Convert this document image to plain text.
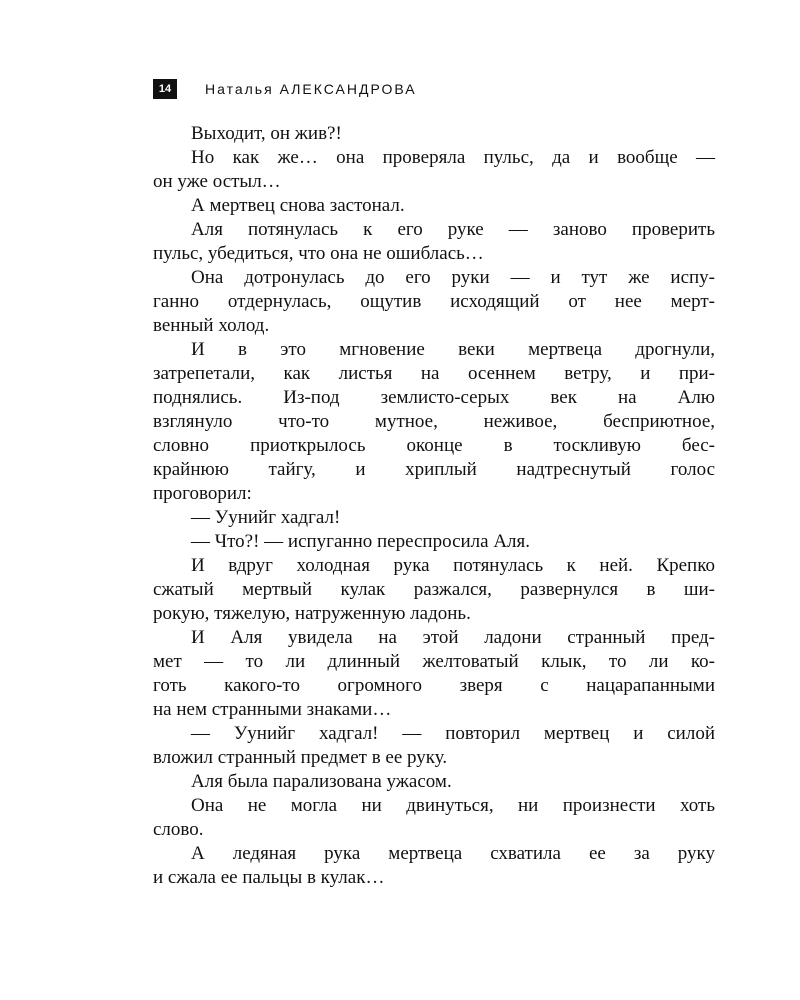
14	Наталья АЛЕКСАНДРОВА
Выходит, он жив?!
Но как же… она проверяла пульс, да и вообще —
он уже остыл…
А мертвец снова застонал.
Аля потянулась к его руке — заново проверить
пульс, убедиться, что она не ошиблась…
Она дотронулась до его руки — и тут же испу-
ганно отдернулась, ощутив исходящий от нее мерт-
венный холод.
И в это мгновение веки мертвеца дрогнули,
затрепетали, как листья на осеннем ветру, и при-
поднялись. Из-под землисто-серых век на Алю
взглянуло что-то мутное, неживое, бесприютное,
словно приоткрылось оконце в тоскливую бес-
крайнюю тайгу, и хриплый надтреснутый голос
проговорил:
— Уунийг хадгал!
— Что?! — испуганно переспросила Аля.
И вдруг холодная рука потянулась к ней. Крепко
сжатый мертвый кулак разжался, развернулся в ши-
рокую, тяжелую, натруженную ладонь.
И Аля увидела на этой ладони странный пред-
мет — то ли длинный желтоватый клык, то ли ко-
готь какого-то огромного зверя с нацарапанными
на нем странными знаками…
— Уунийг хадгал! — повторил мертвец и силой
вложил странный предмет в ее руку.
Аля была парализована ужасом.
Она не могла ни двинуться, ни произнести хоть
слово.
А ледяная рука мертвеца схватила ее за руку
и сжала ее пальцы в кулак…
